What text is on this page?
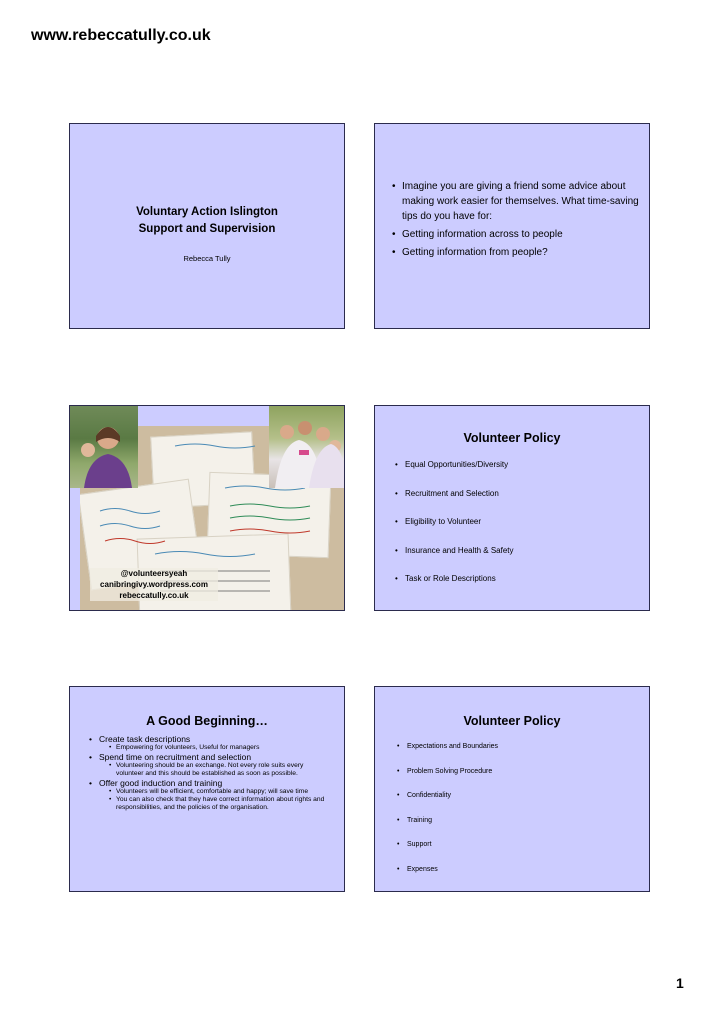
www.rebeccatully.co.uk
Voluntary Action Islington
Support and Supervision
Rebecca Tully
• Imagine you are giving a friend some advice about making work easier for themselves. What time-saving tips do you have for:
• Getting information across to people
• Getting information from people?
@volunteersyeah
canibringivy.wordpress.com
rebeccatully.co.uk
Volunteer Policy
• Equal Opportunities/Diversity
• Recruitment and Selection
• Eligibility to Volunteer
• Insurance and Health & Safety
• Task or Role Descriptions
A Good Beginning…
• Create task descriptions
• Empowering for volunteers, Useful for managers
• Spend time on recruitment and selection
• Volunteering should be an exchange. Not every role suits every volunteer and this should be established as soon as possible.
• Offer good induction and training
• Volunteers will be efficient, comfortable and happy; will save time
• You can also check that they have correct information about rights and responsibilities, and the policies of the organisation.
Volunteer Policy
• Expectations and Boundaries
• Problem Solving Procedure
• Confidentiality
• Training
• Support
• Expenses
1
